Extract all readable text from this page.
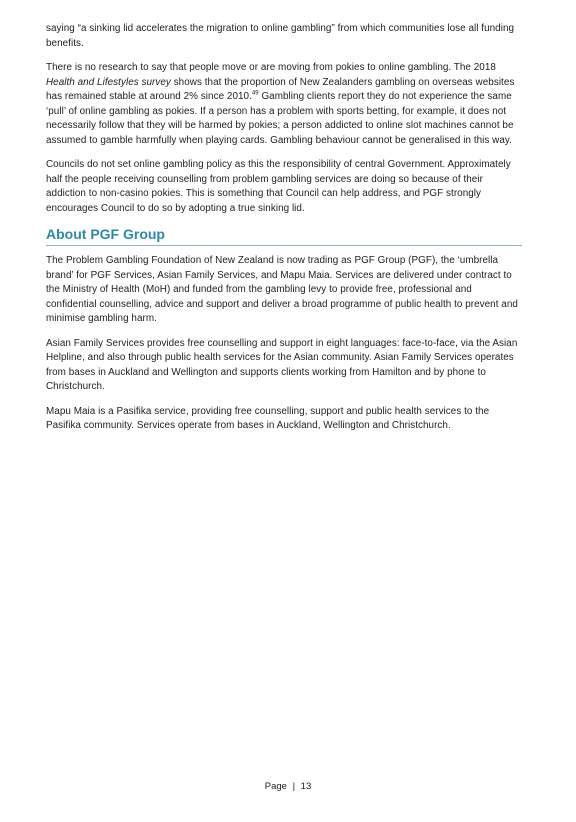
saying “a sinking lid accelerates the migration to online gambling” from which communities lose all funding benefits.

There is no research to say that people move or are moving from pokies to online gambling. The 2018 Health and Lifestyles survey shows that the proportion of New Zealanders gambling on overseas websites has remained stable at around 2% since 2010.49 Gambling clients report they do not experience the same ‘pull’ of online gambling as pokies. If a person has a problem with sports betting, for example, it does not necessarily follow that they will be harmed by pokies; a person addicted to online slot machines cannot be assumed to gamble harmfully when playing cards. Gambling behaviour cannot be generalised in this way.

Councils do not set online gambling policy as this the responsibility of central Government. Approximately half the people receiving counselling from problem gambling services are doing so because of their addiction to non-casino pokies. This is something that Council can help address, and PGF strongly encourages Council to do so by adopting a true sinking lid.

About PGF Group

The Problem Gambling Foundation of New Zealand is now trading as PGF Group (PGF), the ‘umbrella brand’ for PGF Services, Asian Family Services, and Mapu Maia. Services are delivered under contract to the Ministry of Health (MoH) and funded from the gambling levy to provide free, professional and confidential counselling, advice and support and deliver a broad programme of public health to prevent and minimise gambling harm.

Asian Family Services provides free counselling and support in eight languages: face-to-face, via the Asian Helpline, and also through public health services for the Asian community. Asian Family Services operates from bases in Auckland and Wellington and supports clients working from Hamilton and by phone to Christchurch.

Mapu Maia is a Pasifika service, providing free counselling, support and public health services to the Pasifika community. Services operate from bases in Auckland, Wellington and Christchurch.

Page | 13
